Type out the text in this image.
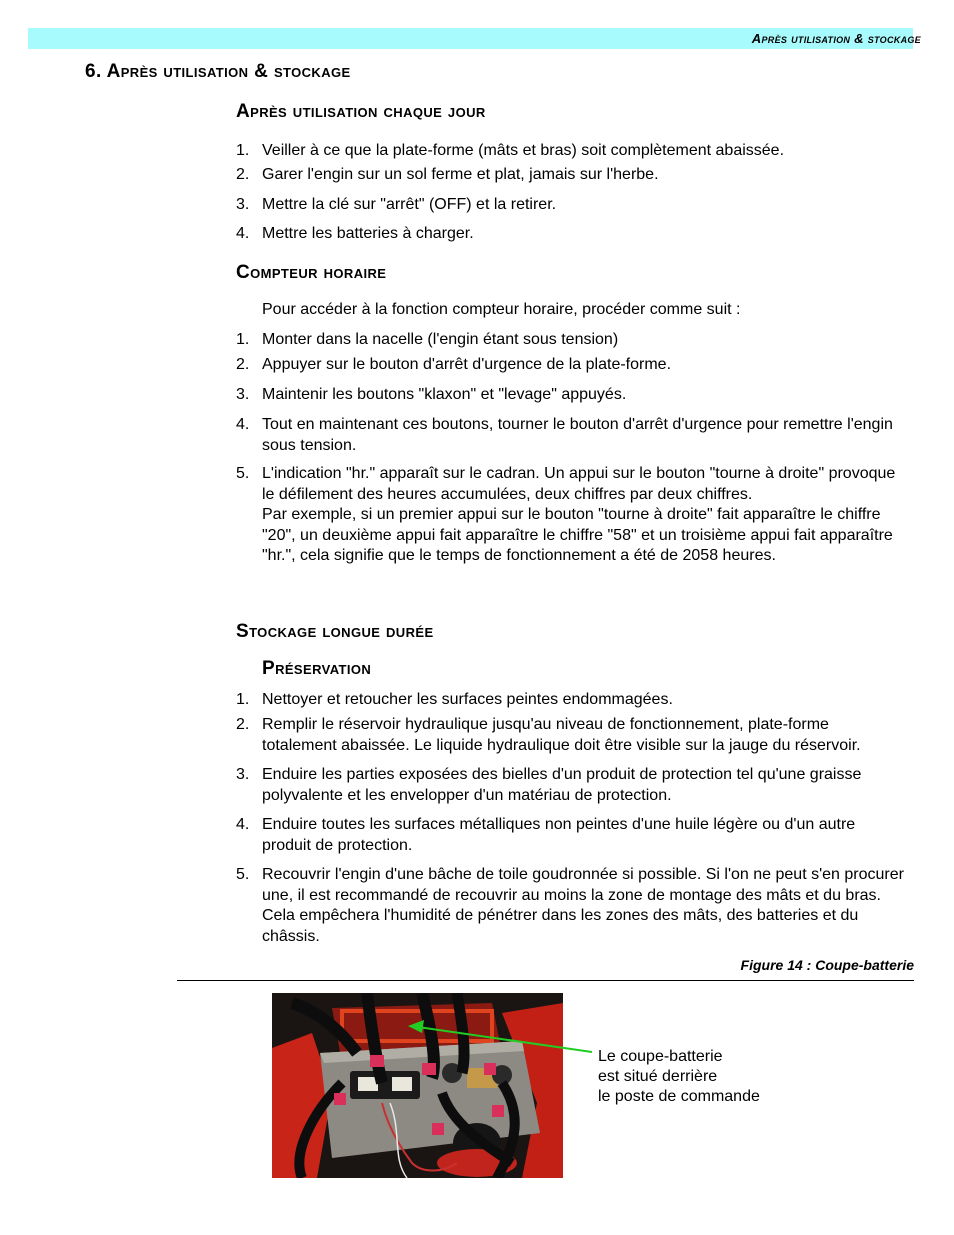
Après utilisation & stockage
6. Après utilisation & stockage
Après utilisation chaque jour
1. Veiller à ce que la plate-forme (mâts et bras) soit complètement abaissée.
2. Garer l'engin sur un sol ferme et plat, jamais sur l'herbe.
3. Mettre la clé sur "arrêt" (OFF) et la retirer.
4. Mettre les batteries à charger.
Compteur horaire
Pour accéder à la fonction compteur horaire, procéder comme suit :
1. Monter dans la nacelle (l'engin étant sous tension)
2. Appuyer sur le bouton d'arrêt d'urgence de la plate-forme.
3. Maintenir les boutons "klaxon" et "levage" appuyés.
4. Tout en maintenant ces boutons, tourner le bouton d'arrêt d'urgence pour remettre l'engin sous tension.
5. L'indication "hr." apparaît sur le cadran. Un appui sur le bouton "tourne à droite" provoque le défilement des heures accumulées, deux chiffres par deux chiffres.
Par exemple, si un premier appui sur le bouton "tourne à droite" fait apparaître le chiffre "20", un deuxième appui fait apparaître le chiffre "58" et un troisième appui fait apparaître "hr.", cela signifie que le temps de fonctionnement a été de 2058 heures.
Stockage longue durée
Préservation
1. Nettoyer et retoucher les surfaces peintes endommagées.
2. Remplir le réservoir hydraulique jusqu'au niveau de fonctionnement, plate-forme totalement abaissée. Le liquide hydraulique doit être visible sur la jauge du réservoir.
3. Enduire les parties exposées des bielles d'un produit de protection tel qu'une graisse polyvalente et les envelopper d'un matériau de protection.
4. Enduire toutes les surfaces métalliques non peintes d'une huile légère ou d'un autre produit de protection.
5. Recouvrir l'engin d'une bâche de toile goudronnée si possible. Si l'on ne peut s'en procurer une, il est recommandé de recouvrir au moins la zone de montage des mâts et du bras. Cela empêchera l'humidité de pénétrer dans les zones des mâts, des batteries et du châssis.
Figure 14 : Coupe-batterie
Le coupe-batterie
est situé derrière
le poste de commande
